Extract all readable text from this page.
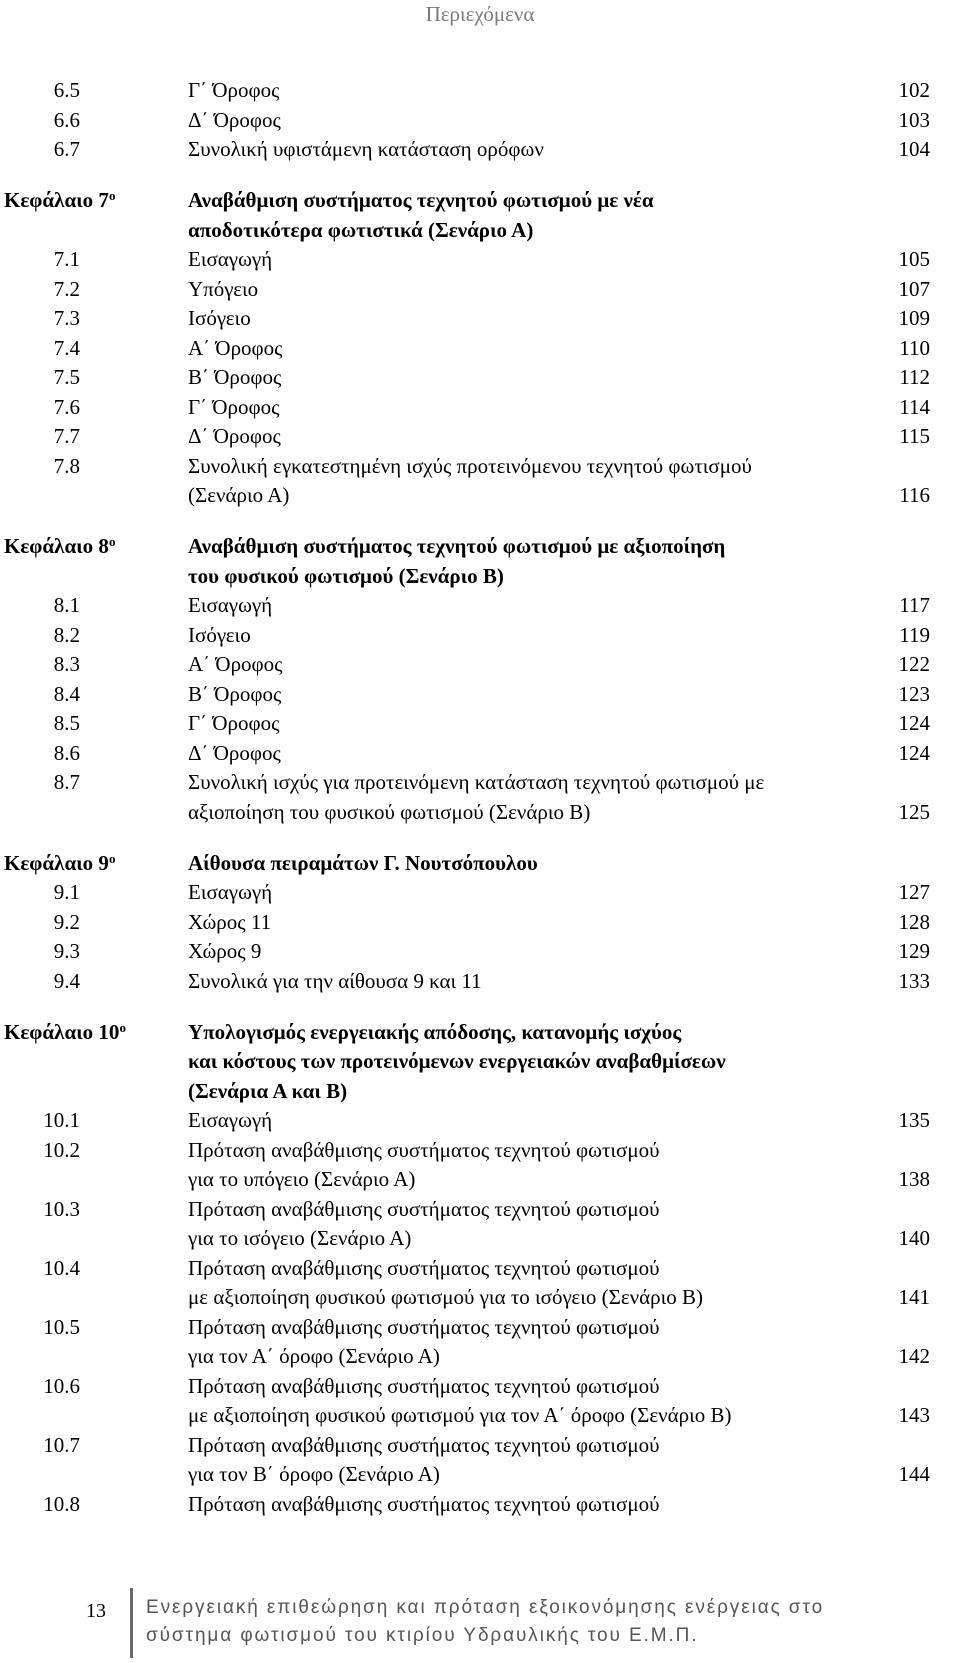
Περιεχόμενα
6.5	Γ΄ Όροφος	102
6.6	Δ΄ Όροφος	103
6.7	Συνολική υφιστάμενη κατάσταση ορόφων	104
Κεφάλαιο $7^o$	Αναβάθμιση συστήματος τεχνητού φωτισμού με νέα
αποδοτικότερα φωτιστικά (Σενάριο Α)
7.1	Εισαγωγή	105
7.2	Υπόγειο	107
7.3	Ισόγειο	109
7.4	Α΄ Όροφος	110
7.5	Β΄ Όροφος	112
7.6	Γ΄ Όροφος	114
7.7	Δ΄ Όροφος	115
7.8	Συνολική εγκατεστημένη ισχύς προτεινόμενου τεχνητού φωτισμού
(Σενάριο Α)	116
Κεφάλαιο $8^o$	Αναβάθμιση συστήματος τεχνητού φωτισμού με αξιοποίηση
του φυσικού φωτισμού (Σενάριο Β)
8.1	Εισαγωγή	117
8.2	Ισόγειο	119
8.3	Α΄ Όροφος	122
8.4	Β΄ Όροφος	123
8.5	Γ΄ Όροφος	124
8.6	Δ΄ Όροφος	124
8.7	Συνολική ισχύς για προτεινόμενη κατάσταση τεχνητού φωτισμού με
αξιοποίηση του φυσικού φωτισμού (Σενάριο Β)	125
Κεφάλαιο $9^o$	Αίθουσα πειραμάτων Γ. Νουτσόπουλου
9.1	Εισαγωγή	127
9.2	Χώρος 11	128
9.3	Χώρος 9	129
9.4	Συνολικά για την αίθουσα 9 και 11	133
Κεφάλαιο $10^o$	Υπολογισμός ενεργειακής απόδοσης, κατανομής ισχύος
και κόστους των προτεινόμενων ενεργειακών αναβαθμίσεων
(Σενάρια Α και Β)
10.1	Εισαγωγή	135
10.2	Πρόταση αναβάθμισης συστήματος τεχνητού φωτισμού
για το υπόγειο (Σενάριο Α)	138
10.3	Πρόταση αναβάθμισης συστήματος τεχνητού φωτισμού
για το ισόγειο (Σενάριο Α)	140
10.4	Πρόταση αναβάθμισης συστήματος τεχνητού φωτισμού
με αξιοποίηση φυσικού φωτισμού για το ισόγειο (Σενάριο Β)	141
10.5	Πρόταση αναβάθμισης συστήματος τεχνητού φωτισμού
για τον Α΄ όροφο (Σενάριο Α)	142
10.6	Πρόταση αναβάθμισης συστήματος τεχνητού φωτισμού
με αξιοποίηση φυσικού φωτισμού για τον Α΄ όροφο (Σενάριο Β)	143
10.7	Πρόταση αναβάθμισης συστήματος τεχνητού φωτισμού
για τον Β΄ όροφο (Σενάριο Α)	144
10.8	Πρόταση αναβάθμισης συστήματος τεχνητού φωτισμού
13 Ενεργειακή επιθεώρηση και πρόταση εξοικονόμησης ενέργειας στο
σύστημα φωτισμού του κτιρίου Υδραυλικής του Ε.Μ.Π.
